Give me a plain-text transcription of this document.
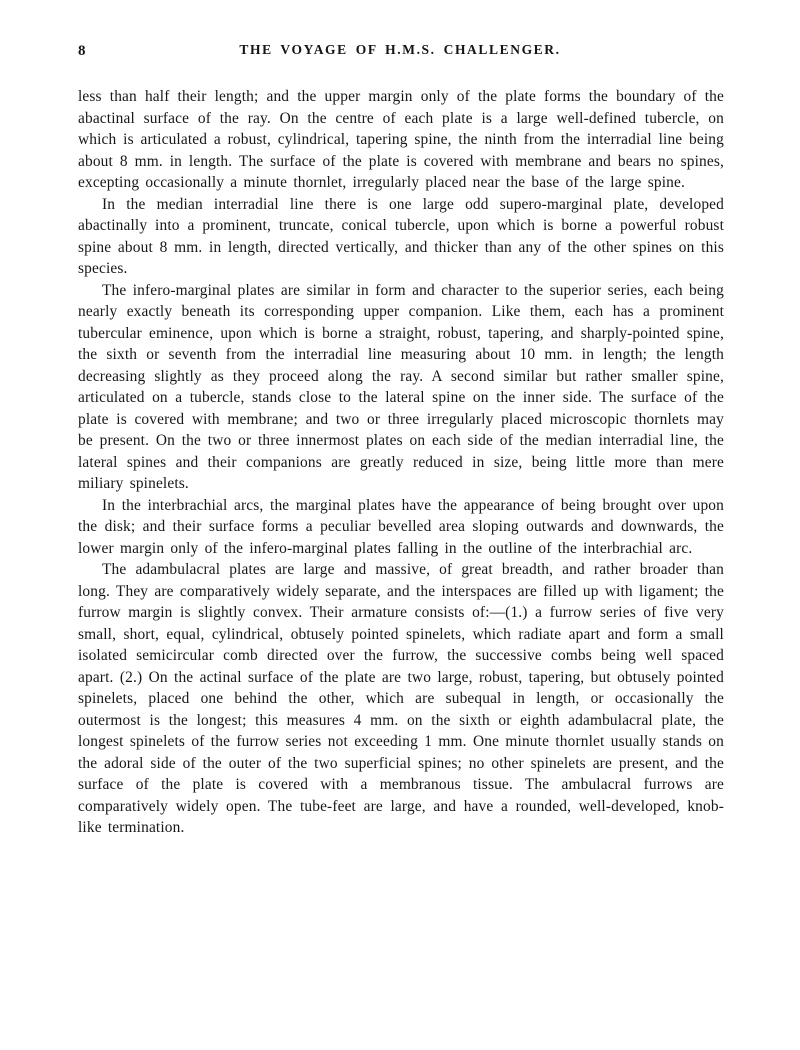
8	THE VOYAGE OF H.M.S. CHALLENGER.

less than half their length; and the upper margin only of the plate forms the boundary of the abactinal surface of the ray. On the centre of each plate is a large well-defined tubercle, on which is articulated a robust, cylindrical, tapering spine, the ninth from the interradial line being about 8 mm. in length. The surface of the plate is covered with membrane and bears no spines, excepting occasionally a minute thornlet, irregularly placed near the base of the large spine.

In the median interradial line there is one large odd supero-marginal plate, developed abactinally into a prominent, truncate, conical tubercle, upon which is borne a powerful robust spine about 8 mm. in length, directed vertically, and thicker than any of the other spines on this species.

The infero-marginal plates are similar in form and character to the superior series, each being nearly exactly beneath its corresponding upper companion. Like them, each has a prominent tubercular eminence, upon which is borne a straight, robust, tapering, and sharply-pointed spine, the sixth or seventh from the interradial line measuring about 10 mm. in length; the length decreasing slightly as they proceed along the ray. A second similar but rather smaller spine, articulated on a tubercle, stands close to the lateral spine on the inner side. The surface of the plate is covered with membrane; and two or three irregularly placed microscopic thornlets may be present. On the two or three innermost plates on each side of the median interradial line, the lateral spines and their companions are greatly reduced in size, being little more than mere miliary spinelets.

In the interbrachial arcs, the marginal plates have the appearance of being brought over upon the disk; and their surface forms a peculiar bevelled area sloping outwards and downwards, the lower margin only of the infero-marginal plates falling in the outline of the interbrachial arc.

The adambulacral plates are large and massive, of great breadth, and rather broader than long. They are comparatively widely separate, and the interspaces are filled up with ligament; the furrow margin is slightly convex. Their armature consists of:—(1.) a furrow series of five very small, short, equal, cylindrical, obtusely pointed spinelets, which radiate apart and form a small isolated semicircular comb directed over the furrow, the successive combs being well spaced apart. (2.) On the actinal surface of the plate are two large, robust, tapering, but obtusely pointed spinelets, placed one behind the other, which are subequal in length, or occasionally the outermost is the longest; this measures 4 mm. on the sixth or eighth adambulacral plate, the longest spinelets of the furrow series not exceeding 1 mm. One minute thornlet usually stands on the adoral side of the outer of the two superficial spines; no other spinelets are present, and the surface of the plate is covered with a membranous tissue. The ambulacral furrows are comparatively widely open. The tube-feet are large, and have a rounded, well-developed, knob-like termination.
